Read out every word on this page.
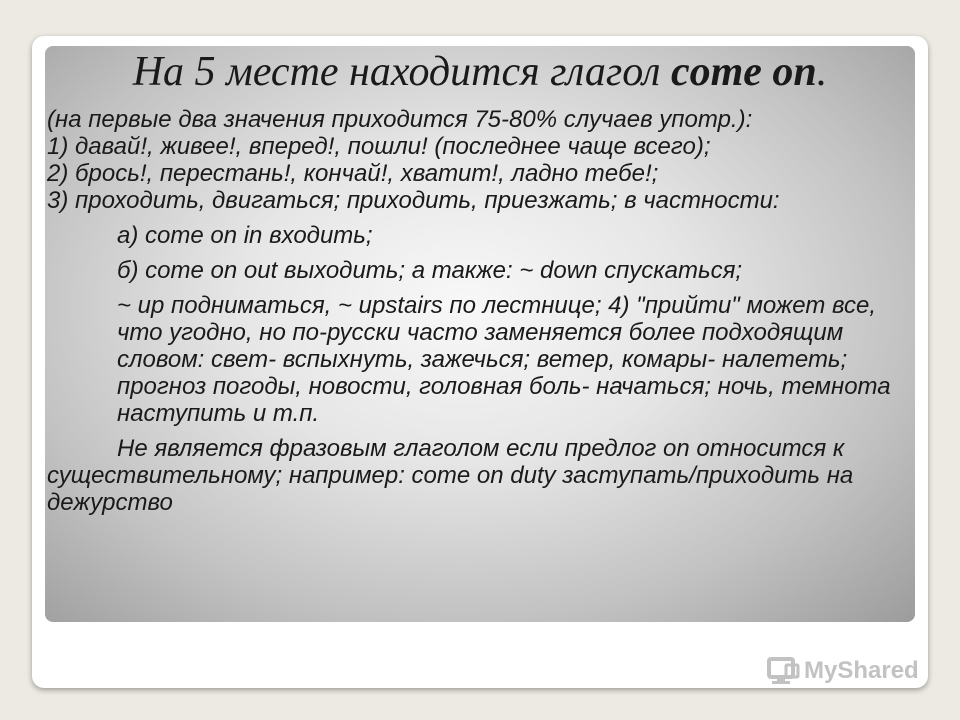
На 5 месте находится глагол come on.

(на первые два значения приходится 75-80% случаев употр.):

1) давай!, живее!, вперед!, пошли! (последнее чаще всего);

2) брось!, перестань!, кончай!, хватит!, ладно тебе!;

3) проходить, двигаться; приходить, приезжать; в частности:

а) come on in входить;

б) come on out выходить; а также: ~ down спускаться;

~ up подниматься, ~ upstairs по лестнице; 4) "прийти" может все, что угодно, но по-русски часто заменяется более подходящим словом: свет- вспыхнуть, зажечься; ветер, комары- налететь; прогноз погоды, новости, головная боль- начаться; ночь, темнота наступить и т.п.

Не является фразовым глаголом если предлог on относится к существительному; например: come on duty заступать/приходить на дежурство

MyShared
